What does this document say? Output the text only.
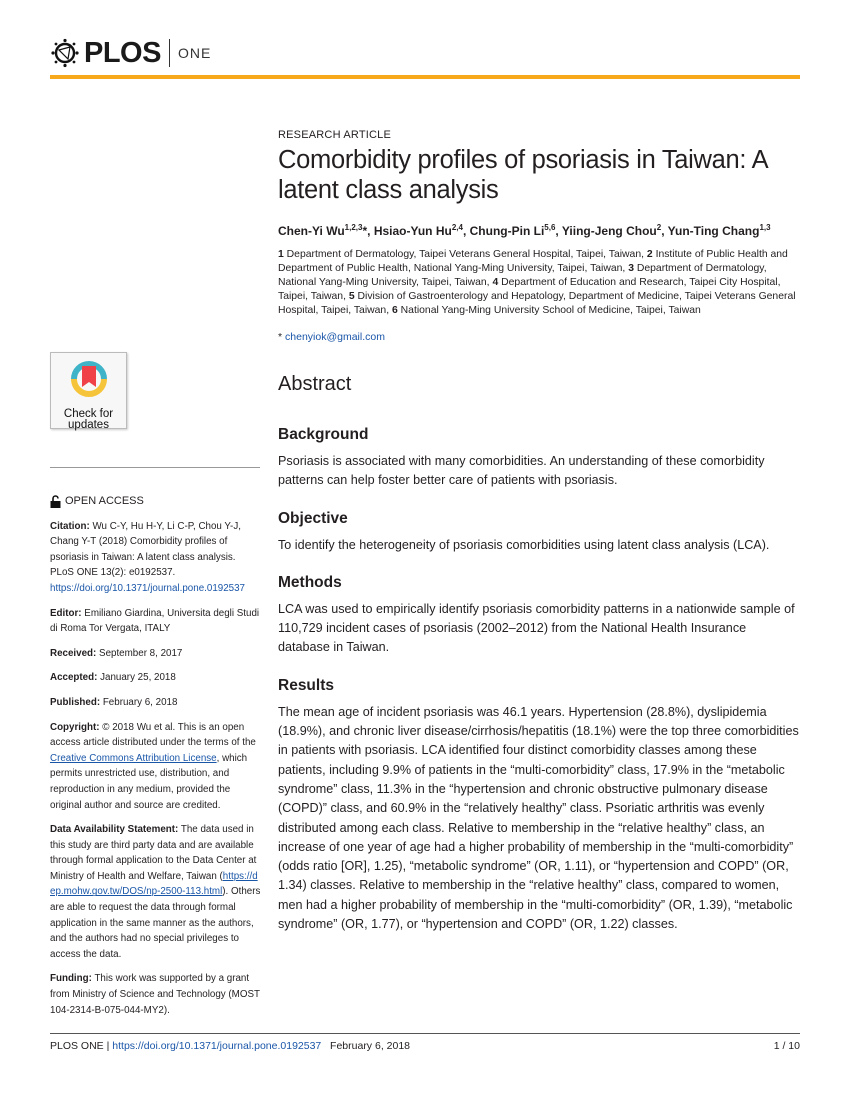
PLOS ONE
Check for
updates

OPEN ACCESS

Citation: Wu C-Y, Hu H-Y, Li C-P, Chou Y-J, Chang Y-T (2018) Comorbidity profiles of psoriasis in Taiwan: A latent class analysis. PLoS ONE 13(2): e0192537. https://doi.org/10.1371/journal.pone.0192537

Editor: Emiliano Giardina, Universita degli Studi di Roma Tor Vergata, ITALY

Received: September 8, 2017

Accepted: January 25, 2018

Published: February 6, 2018

Copyright: © 2018 Wu et al. This is an open access article distributed under the terms of the Creative Commons Attribution License, which permits unrestricted use, distribution, and reproduction in any medium, provided the original author and source are credited.

Data Availability Statement: The data used in this study are third party data and are available through formal application to the Data Center at Ministry of Health and Welfare, Taiwan (https://dep.mohw.gov.tw/DOS/np-2500-113.html). Others are able to request the data through formal application in the same manner as the authors, and the authors had no special privileges to access the data.

Funding: This work was supported by a grant from Ministry of Science and Technology (MOST 104-2314-B-075-044-MY2).

RESEARCH ARTICLE
Comorbidity profiles of psoriasis in Taiwan: A latent class analysis
Chen-Yi Wu$^{1,2,3}$*, Hsiao-Yun Hu$^{2,4}$, Chung-Pin Li$^{5,6}$, Yiing-Jeng Chou$^2$, Yun-Ting Chang$^{1,3}$
1 Department of Dermatology, Taipei Veterans General Hospital, Taipei, Taiwan, 2 Institute of Public Health and Department of Public Health, National Yang-Ming University, Taipei, Taiwan, 3 Department of Dermatology, National Yang-Ming University, Taipei, Taiwan, 4 Department of Education and Research, Taipei City Hospital, Taipei, Taiwan, 5 Division of Gastroenterology and Hepatology, Department of Medicine, Taipei Veterans General Hospital, Taipei, Taiwan, 6 National Yang-Ming University School of Medicine, Taipei, Taiwan
* chenyiok@gmail.com
Abstract
Background
Psoriasis is associated with many comorbidities. An understanding of these comorbidity patterns can help foster better care of patients with psoriasis.
Objective
To identify the heterogeneity of psoriasis comorbidities using latent class analysis (LCA).
Methods
LCA was used to empirically identify psoriasis comorbidity patterns in a nationwide sample of 110,729 incident cases of psoriasis (2002–2012) from the National Health Insurance database in Taiwan.
Results
The mean age of incident psoriasis was 46.1 years. Hypertension (28.8%), dyslipidemia (18.9%), and chronic liver disease/cirrhosis/hepatitis (18.1%) were the top three comorbidities in patients with psoriasis. LCA identified four distinct comorbidity classes among these patients, including 9.9% of patients in the “multi-comorbidity” class, 17.9% in the “metabolic syndrome” class, 11.3% in the “hypertension and chronic obstructive pulmonary disease (COPD)” class, and 60.9% in the “relatively healthy” class. Psoriatic arthritis was evenly distributed among each class. Relative to membership in the “relative healthy” class, an increase of one year of age had a higher probability of membership in the “multi-comorbidity” (odds ratio [OR], 1.25), “metabolic syndrome” (OR, 1.11), or “hypertension and COPD” (OR, 1.34) classes. Relative to membership in the “relative healthy” class, compared to women, men had a higher probability of membership in the “multi-comorbidity” (OR, 1.39), “metabolic syndrome” (OR, 1.77), or “hypertension and COPD” (OR, 1.22) classes.
PLOS ONE | https://doi.org/10.1371/journal.pone.0192537 February 6, 2018	1 / 10
